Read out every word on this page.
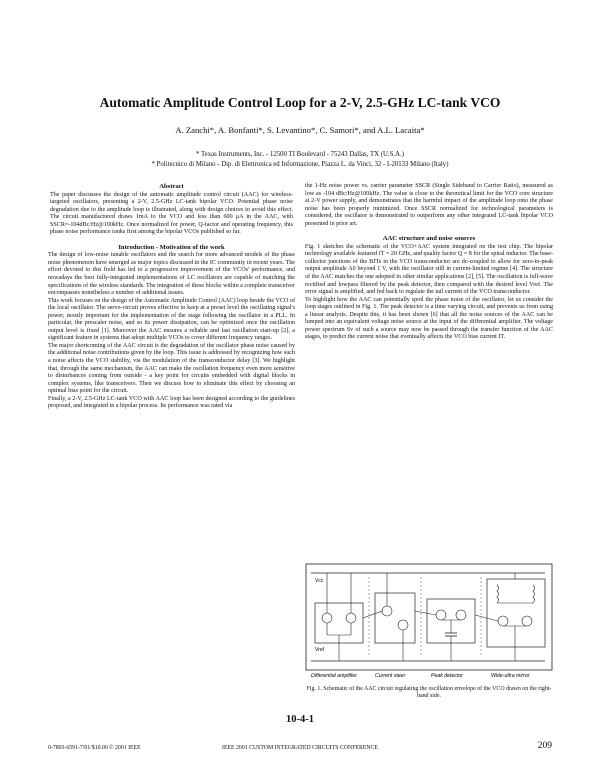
Automatic Amplitude Control Loop for a 2-V, 2.5-GHz LC-tank VCO
A. Zanchi*, A. Bonfanti*, S. Levantino*, C. Samori*, and A.L. Lacaita*
* Texas Instruments, Inc. - 12500 TI Boulevard - 75243 Dallas, TX (U.S.A.)
* Politecnico di Milano - Dip. di Elettronica ed Informazione, Piazza L. da Vinci, 32 - I-20133 Milano (Italy)
Abstract

The paper discusses the design of the automatic amplitude control circuit (AAC) for wireless-targeted oscillators, presenting a 2-V, 2.5-GHz LC-tank bipolar VCO. Potential phase noise degradation due to the amplitude loop is illustrated, along with design choices to avoid this effect. The circuit manufactured draws 1mA to the VCO and less than 600 μA in the AAC, with SSCR=-104dBc/Hz@100kHz. Once normalized for power, Q-factor and operating frequency, this phase noise performance ranks first among the bipolar VCOs published so far.

Introduction - Motivation of the work

The design of low-noise tunable oscillators and the search for more advanced models of the phase noise phenomenon have emerged as major topics discussed in the IC community in recent years. The effort devoted to this field has led to a progressive improvement of the VCOs' performance, and nowadays the best fully-integrated implementations of LC oscillators are capable of matching the specifications of the wireless standards. The integration of these blocks within a complete transceiver encompasses nonetheless a number of additional issues.

This work focuses on the design of the Automatic Amplitude Control (AAC) loop beside the VCO of the local oscillator. The servo-circuit proves effective to keep at a preset level the oscillating signal's power, mostly important for the implementation of the stage following the oscillator in a PLL. In particular, the prescaler noise, and so its power dissipation, can be optimized once the oscillation output level is fixed [1]. Moreover the AAC ensures a reliable and fast oscillation start-up [2], a significant feature in systems that adopt multiple VCOs to cover different frequency ranges.

The major shortcoming of the AAC circuit is the degradation of the oscillator phase noise caused by the additional noise contributions given by the loop. This issue is addressed by recognizing how such a noise affects the VCO stability, via the modulation of the transconductor delay [3]. We highlight that, through the same mechanism, the AAC can make the oscillation frequency even more sensitive to disturbances coming from outside - a key point for circuits embedded with digital blocks in complex systems, like transceivers. Then we discuss how to eliminate this effect by choosing an optimal bias point for the circuit.

Finally, a 2-V, 2.5-GHz LC-tank VCO with AAC loop has been designed according to the guidelines proposed, and integrated in a bipolar process. Its performance was rated via

the 1-Hz noise power vs. carrier parameter SSCR (Single Sideband to Carrier Ratio), measured as low as -104 dBc/Hz@100kHz. The value is close to the theoretical limit for the VCO core structure at 2-V power supply, and demonstrates that the harmful impact of the amplitude loop onto the phase noise has been properly minimized. Once SSCR normalized for technological parameters is considered, the oscillator is demonstrated to outperform any other integrated LC-tank bipolar VCO presented in prior art.

AAC structure and noise sources

Fig. 1 sketches the schematic of the VCO+AAC system integrated on the test chip. The bipolar technology available featured fT = 20 GHz, and quality factor Q = 8 for the spiral inductor. The base-collector junctions of the BJTs in the VCO transconductor are dc-coupled to allow for zero-to-peak output amplitude A0 beyond 1 V, with the oscillator still in current-limited regime [4]. The structure of the AAC matches the one adopted in other similar applications [2], [5]. The oscillation is full-wave rectified and lowpass filtered by the peak detector, then compared with the desired level Vref. The error signal is amplified, and fed back to regulate the tail current of the VCO transconductor.

To highlight how the AAC can potentially spoil the phase noise of the oscillator, let us consider the loop stages outlined in Fig. 1. The peak detector is a time varying circuit, and prevents us from using a linear analysis. Despite this, it has been shown [6] that all the noise sources of the AAC can be lumped into an equivalent voltage noise source at the input of the differential amplifier. The voltage power spectrum Sv of such a source may now be passed through the transfer function of the AAC stages, to predict the current noise that eventually affects the VCO bias current IT.

Vcc
Vref
Differential amplifier	Current steer	Peak detector	Wide-ultra mirror
Fig. 1. Schematic of the AAC circuit regulating the oscillation envelope of the VCO drawn on the right-hand side.
10-4-1
0-7803-6591-7/01/$10.00 © 2001 IEEE	IEEE 2001 CUSTOM INTEGRATED CIRCUITS CONFERENCE	209
